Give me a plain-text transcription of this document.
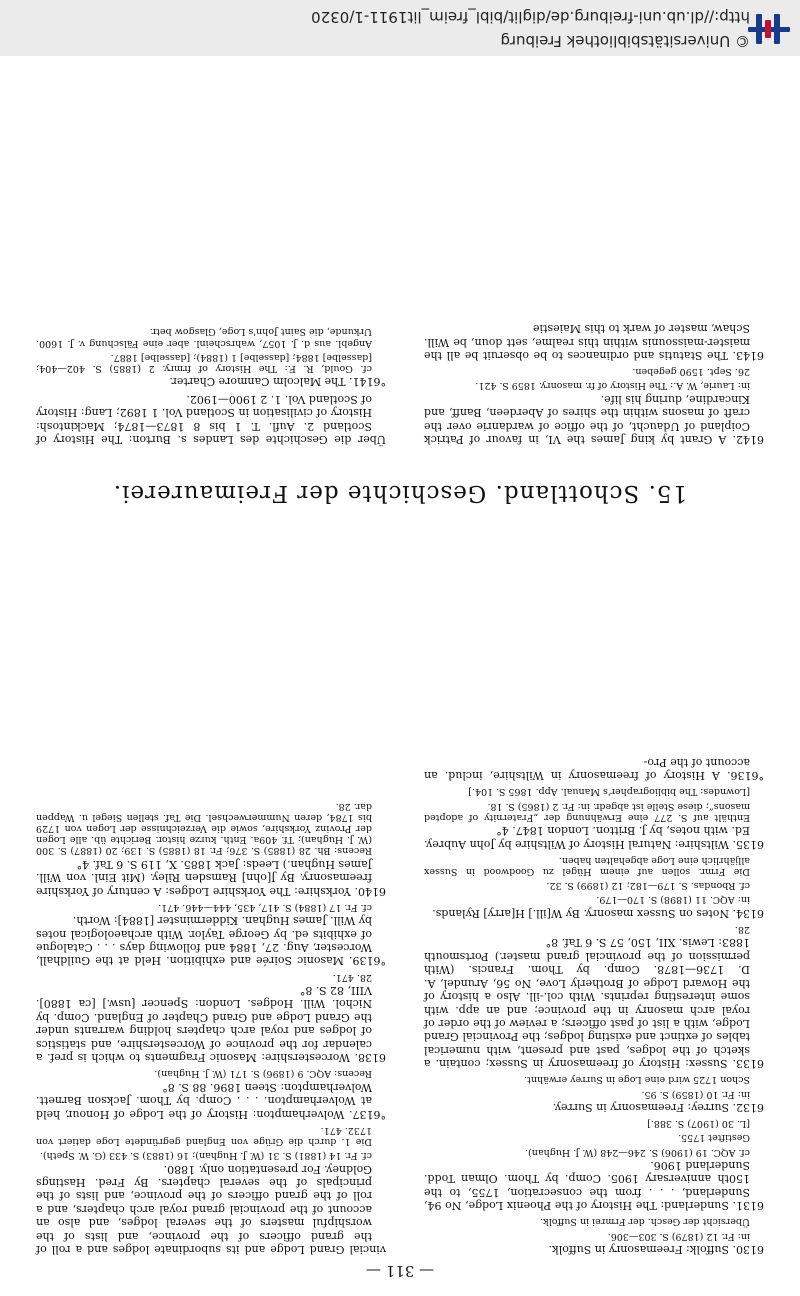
© Universitätsbibliothek Freiburg
http://dl.ub.uni-freiburg.de/diglit/bibl_freim_lit1911-1/0320
— 311 —
6130. Suffolk: Freemasonry in Suffolk.
in: Fr. 12 (1879) S. 303—306.
Übersicht der Gesch. der Frmrei in Suffolk.
6131. Sunderland: The History of the Phoenix Lodge, No 94, Sunderland, . . . from the consecration, 1755, to the 150th anniversary 1905. Comp. by Thom. Olman Todd. Sunderland 1906.
cf. AQC. 19 (1906) S. 246—248 (W. J. Hughan).
Gestiftet 1755.
[L. 30 (1907) S. 388.]
6132. Surrey: Freemasonry in Surrey.
in: Fr. 10 (1859) S. 95.
Schon 1725 wird eine Loge in Surrey erwähnt.
6133. Sussex: History of freemasonry in Sussex; contain. a sketch of the lodges, past and present, with numerical tables of extinct and existing lodges; the Provincial Grand Lodge, with a list of past officers; a review of the order of royal arch masonry in the province; and an app. with some interesting reprints. With col.-ill. Also a history of the Howard Lodge of Brotherly Love, No 56, Arundel, A. D. 1736—1878. Comp. by Thom. Francis. (With permission of the provincial grand master.) Portsmouth 1883: Lewis. XII, 150, 57 S. 6 Taf. 8°
28.
6134. Notes on Sussex masonry. By W[ill.] H[arry] Rylands.
in: AQC. 11 (1898) S. 170—179.
cf. Rbondas. S. 179—182; 12 (1899) S. 32.
Die Frmr. sollen auf einem Hügel zu Goodwood in Sussex alljährlich eine Loge abgehalten haben.
6135. Wiltshire: Natural History of Wiltshire by John Aubrey. Ed. with notes, by J. Britton. London 1847. 4°
Enthält auf S. 277 eine Erwähnung der „Fraternity of adopted masons“; diese Stelle ist abgedr. in: Fr. 2 (1865) S. 18.
[Lowndes: The bibliographer's Manual. App. 1865 S. 104.]
°6136. A History of freemasonry in Wiltshire, includ. an account of the Pro-
vincial Grand Lodge and its subordinate lodges and a roll of the grand officers of the province, and lists of the worshipful masters of the several lodges, and also an account of the provincial grand royal arch chapters, and a roll of the grand officers of the province, and lists of the principals of the several chapters. By Fred. Hastings Goldney. For presentation only. 1880.
cf. Fr. 14 (1881) S. 31 (W. J. Hughan); 16 (1883) S. 433 (G. W. Speth).
Die 1. durch die Grüge von England gegründete Loge datiert von 1732. 471.
°6137. Wolverhampton: History of the Lodge of Honour, held at Wolverhampton. . . . Comp. by Thom. Jackson Barnett. Wolverhampton: Steen 1896. 88 S. 8°
Recens: AQC. 9 (1896) S. 171 (W. J. Hughan).
6138. Worcestershire: Masonic Fragments to which is pref. a calendar for the province of Worcestershire, and statistics of lodges and royal arch chapters holding warrants under the Grand Lodge and Grand Chapter of England. Comp. by Nichol. Will. Hodges. London: Spencer [usw.] [ca 1880]. VIII, 82 S. 8°
28. 471.
°6139. Masonic Soirée and exhibition. Held at the Guildhall, Worcester, Aug. 27, 1884 and following days . . . Catalogue of exhibits ed. by George Taylor. With archaeological notes by Will. James Hughan. Kidderminster [1884]: Worth.
cf. Fr. 17 (1884) S. 417, 435, 444—446. 471.
6140. Yorkshire: The Yorkshire Lodges: A century of Yorkshire freemasonry. By J[ohn] Ramsden Riley. (Mit Einl. von Will. James Hughan.) Leeds: Jack 1885. X, 119 S. 6 Taf. 4°
Recens: Bh. 28 (1885) S. 376; Fr. 18 (1885) S. 139; 20 (1887) S. 300 (W. J. Hughan); Tf. 409a. Enth. kurze histor. Berichte üb. alle Logen der Provinz Yorkshire, sowie die Verzeichnisse der Logen von 1729 bis 1784, deren Nummerwechsel. Die Taf. stellen Siegel u. Wappen dar. 28.
15. Schottland. Geschichte der Freimaurerei.
6142. A Grant by king James the VI, in favour of Patrick Coipland of Udaucht, of the office of wardanrie over the craft of masons within the shires of Aberdeen, Banff, and Kincardine, during his life.
in: Laurie, W. A.: The History of fr. masonry. 1859 S. 421.
26. Sept. 1590 gegeben.
6143. The Statutis and ordinances to be obseruit be all the maister-maissounis within this realme, sett doun, be Will. Schaw, master of wark to this Maiestie
Über die Geschichte des Landes s. Burton: The History of Scotland 2. Aufl. T. 1 bis 8 1873—1874; Mackintosh: History of civilisation in Scotland Vol. 1 1892; Lang: History of Scotland Vol. 1. 2 1900—1902.
°6141. The Malcolm Canmore Charter.
cf. Gould, R. F.: The History of frmry. 2 (1885) S. 402—404; [dasselbe] 1884; [dasselbe] 1 (1884); [dasselbe] 1887.
Angebl. aus d. J. 1057, wahrscheinl. aber eine Fälschung v. J. 1600. Urkunde, die Saint John's Loge, Glasgow betr.
